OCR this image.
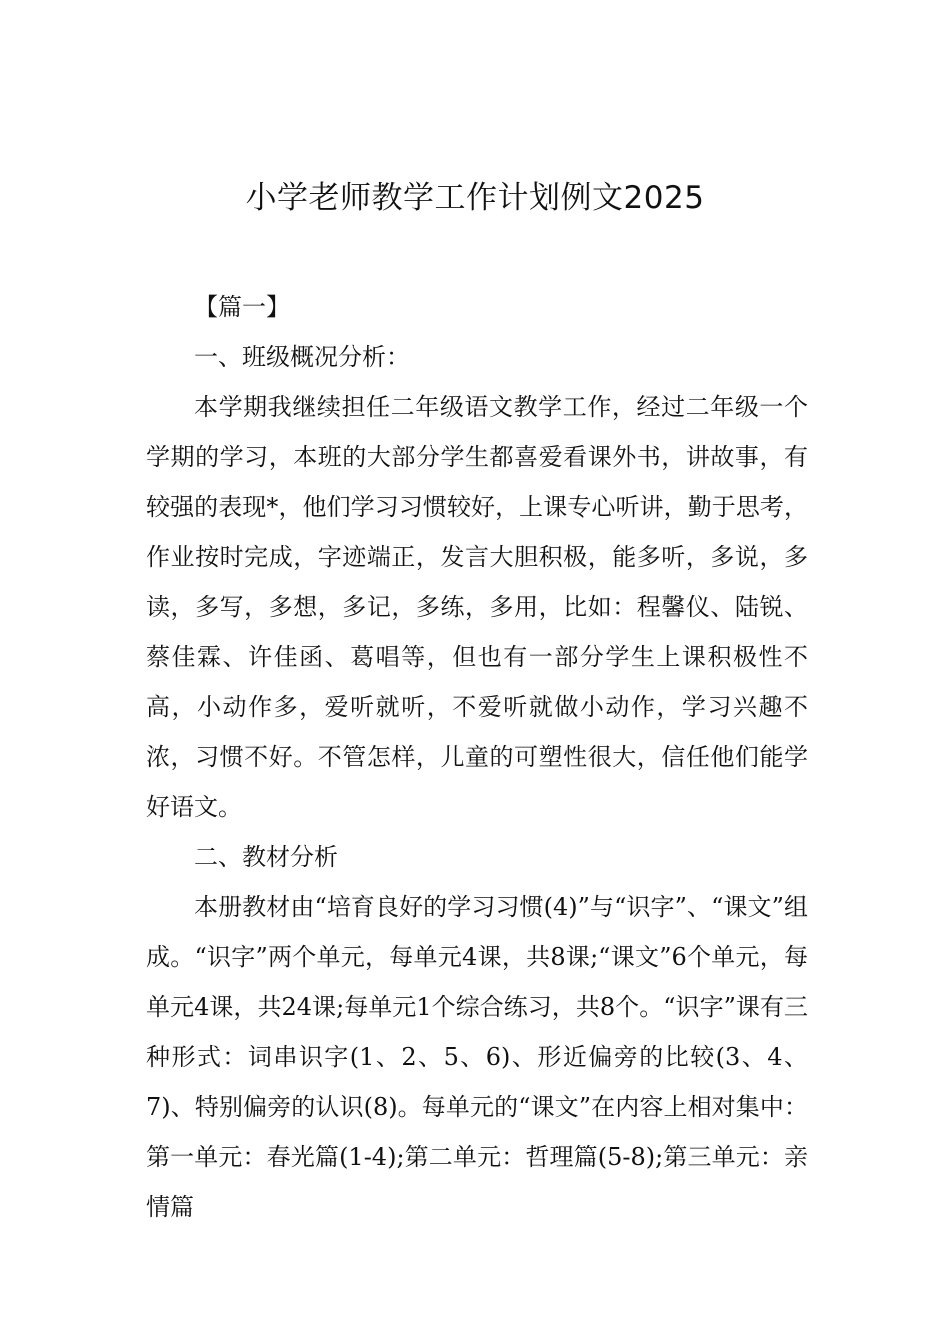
小学老师教学工作计划例文2025

【篇一】

一、班级概况分析：

本学期我继续担任二年级语文教学工作，经过二年级一个学期的学习，本班的大部分学生都喜爱看课外书，讲故事，有较强的表现*，他们学习习惯较好，上课专心听讲，勤于思考，作业按时完成，字迹端正，发言大胆积极，能多听，多说，多读，多写，多想，多记，多练，多用，比如：程馨仪、陆锐、蔡佳霖、许佳函、葛唱等，但也有一部分学生上课积极性不高，小动作多，爱听就听，不爱听就做小动作，学习兴趣不浓，习惯不好。不管怎样，儿童的可塑性很大，信任他们能学好语文。

二、教材分析

本册教材由“培育良好的学习习惯(4)”与“识字”、“课文”组成。“识字”两个单元，每单元4课，共8课;“课文”6个单元，每单元4课，共24课;每单元1个综合练习，共8个。“识字”课有三种形式：词串识字(1、2、5、6)、形近偏旁的比较(3、4、7)、特别偏旁的认识(8)。每单元的“课文”在内容上相对集中：第一单元：春光篇(1-4);第二单元：哲理篇(5-8);第三单元：亲情篇
